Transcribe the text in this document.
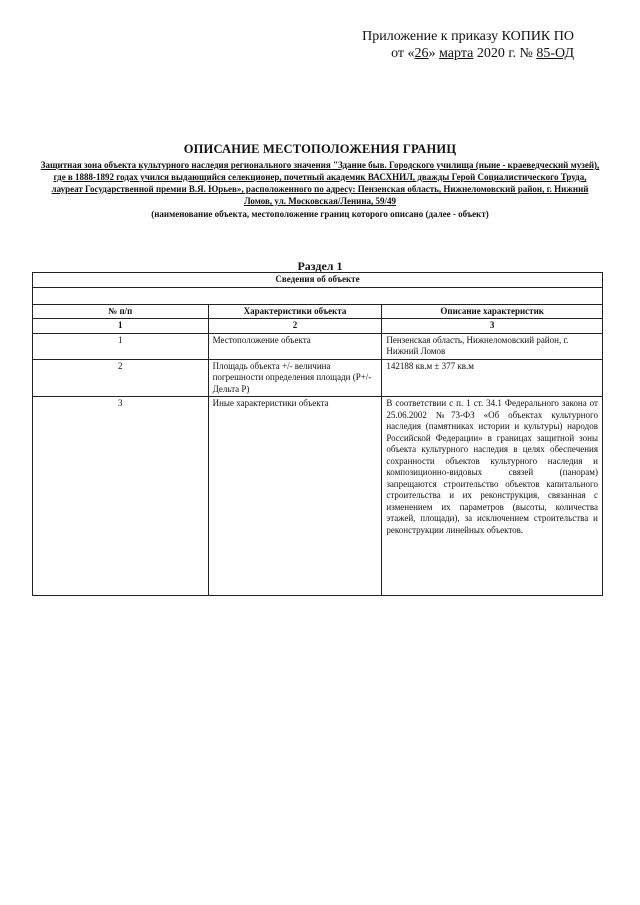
Приложение к приказу КОПИК ПО
от «26» марта 2020 г. № 85-ОД
ОПИСАНИЕ МЕСТОПОЛОЖЕНИЯ ГРАНИЦ
Защитная зона объекта культурного наследия регионального значения "Здание быв. Городского училища (ныне - краеведческий музей), где в 1888-1892 годах учился выдающийся селекционер, почетный академик ВАСХНИЛ, дважды Герой Социалистического Труда, лауреат Государственной премии В.Я. Юрьев», расположенного по адресу: Пензенская область, Нижнеломовский район, г. Нижний Ломов, ул. Московская/Ленина, 59/49
(наименование объекта, местоположение границ которого описано (далее - объект)
Раздел 1
Сведения об объекте		

№ п/п	Характеристики объекта	Описание характеристик
1	2	3
1	Местоположение объекта	Пензенская область, Нижнеломовский район, г. Нижний Ломов
2	Площадь объекта +/- величина погрешности определения площади (Р+/- Дельта Р)	142188 кв.м ± 377 кв.м
3	Иные характеристики объекта	В соответствии с п. 1 ст. 34.1 Федерального закона от 25.06.2002 №73-ФЗ «Об объектах культурного наследия (памятниках истории и культуры) народов Российской Федерации» в границах защитной зоны объекта культурного наследия в целях обеспечения сохранности объектов культурного наследия и композиционно-видовых связей (панорам) запрещаются строительство объектов капитального строительства и их реконструкция, связанная с изменением их параметров (высоты, количества этажей, площади), за исключением строительства и реконструкции линейных объектов.
